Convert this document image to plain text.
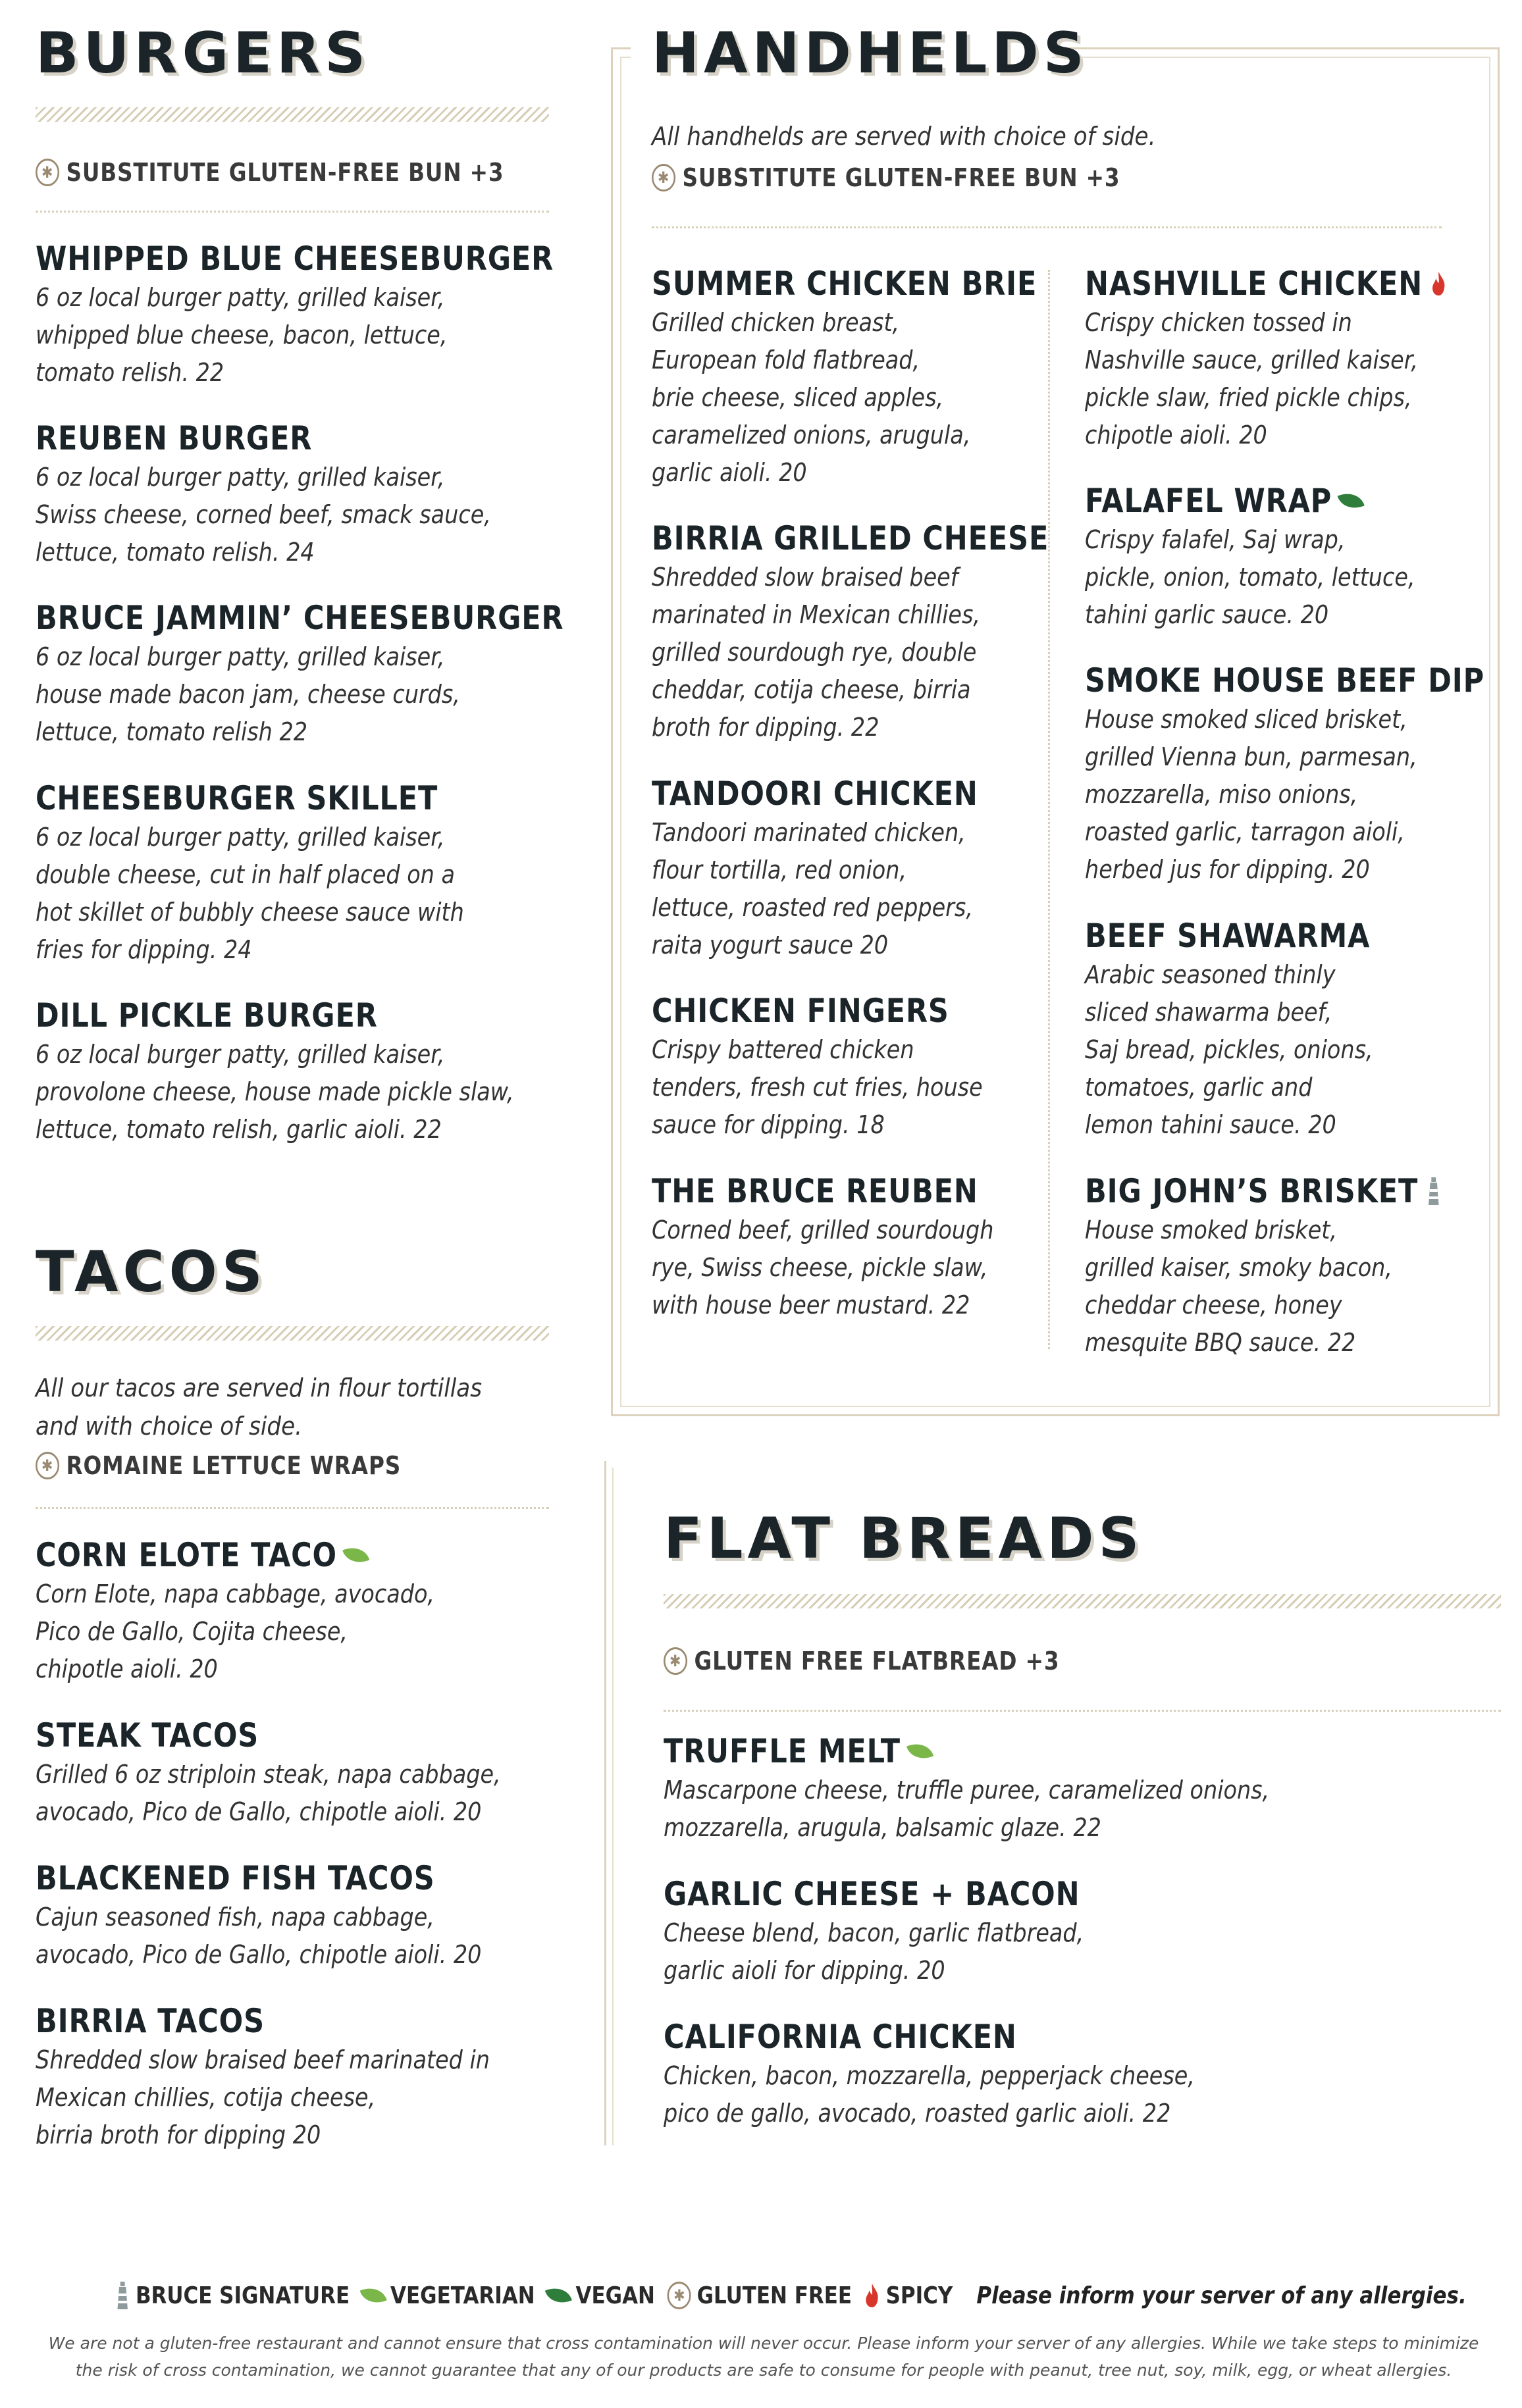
BURGERS
✱ SUBSTITUTE GLUTEN-FREE BUN +3

WHIPPED BLUE CHEESEBURGER

6 oz local burger patty, grilled kaiser,
whipped blue cheese, bacon, lettuce,
tomato relish. 22

REUBEN BURGER

6 oz local burger patty, grilled kaiser,
Swiss cheese, corned beef, smack sauce,
lettuce, tomato relish. 24

BRUCE JAMMIN’ CHEESEBURGER

6 oz local burger patty, grilled kaiser,
house made bacon jam, cheese curds,
lettuce, tomato relish 22

CHEESEBURGER SKILLET

6 oz local burger patty, grilled kaiser,
double cheese, cut in half placed on a
hot skillet of bubbly cheese sauce with
fries for dipping. 24

DILL PICKLE BURGER

6 oz local burger patty, grilled kaiser,
provolone cheese, house made pickle slaw,
lettuce, tomato relish, garlic aioli. 22

TACOS

All our tacos are served in flour tortillas
and with choice of side.

✱ ROMAINE LETTUCE WRAPS

CORN ELOTE TACO

Corn Elote, napa cabbage, avocado,
Pico de Gallo, Cojita cheese,
chipotle aioli. 20

STEAK TACOS

Grilled 6 oz striploin steak, napa cabbage,
avocado, Pico de Gallo, chipotle aioli. 20

BLACKENED FISH TACOS

Cajun seasoned fish, napa cabbage,
avocado, Pico de Gallo, chipotle aioli. 20

BIRRIA TACOS

Shredded slow braised beef marinated in
Mexican chillies, cotija cheese,
birria broth for dipping 20

HANDHELDS

All handhelds are served with choice of side.

✱ SUBSTITUTE GLUTEN-FREE BUN +3

SUMMER CHICKEN BRIE

Grilled chicken breast,
European fold flatbread,
brie cheese, sliced apples,
caramelized onions, arugula,
garlic aioli. 20

BIRRIA GRILLED CHEESE

Shredded slow braised beef
marinated in Mexican chillies,
grilled sourdough rye, double
cheddar, cotija cheese, birria
broth for dipping. 22

TANDOORI CHICKEN

Tandoori marinated chicken,
flour tortilla, red onion,
lettuce, roasted red peppers,
raita yogurt sauce 20

CHICKEN FINGERS

Crispy battered chicken
tenders, fresh cut fries, house
sauce for dipping. 18

THE BRUCE REUBEN

Corned beef, grilled sourdough
rye, Swiss cheese, pickle slaw,
with house beer mustard. 22

NASHVILLE CHICKEN

Crispy chicken tossed in
Nashville sauce, grilled kaiser,
pickle slaw, fried pickle chips,
chipotle aioli. 20

FALAFEL WRAP

Crispy falafel, Saj wrap,
pickle, onion, tomato, lettuce,
tahini garlic sauce. 20

SMOKE HOUSE BEEF DIP

House smoked sliced brisket,
grilled Vienna bun, parmesan,
mozzarella, miso onions,
roasted garlic, tarragon aioli,
herbed jus for dipping. 20

BEEF SHAWARMA

Arabic seasoned thinly
sliced shawarma beef,
Saj bread, pickles, onions,
tomatoes, garlic and
lemon tahini sauce. 20

BIG JOHN’S BRISKET

House smoked brisket,
grilled kaiser, smoky bacon,
cheddar cheese, honey
mesquite BBQ sauce. 22

FLAT BREADS
✱ GLUTEN FREE FLATBREAD +3

TRUFFLE MELT

Mascarpone cheese, truffle puree, caramelized onions,
mozzarella, arugula, balsamic glaze. 22

GARLIC CHEESE + BACON

Cheese blend, bacon, garlic flatbread,
garlic aioli for dipping. 20

CALIFORNIA CHICKEN

Chicken, bacon, mozzarella, pepperjack cheese,
pico de gallo, avocado, roasted garlic aioli. 22

BRUCE SIGNATURE VEGETARIAN VEGAN	✱ GLUTEN FREE SPICY Please inform your server of any allergies.

We are not a gluten-free restaurant and cannot ensure that cross contamination will never occur. Please inform your server of any allergies. While we take steps to minimize the risk of cross contamination, we cannot guarantee that any of our products are safe to consume for people with peanut, tree nut, soy, milk, egg, or wheat allergies.
